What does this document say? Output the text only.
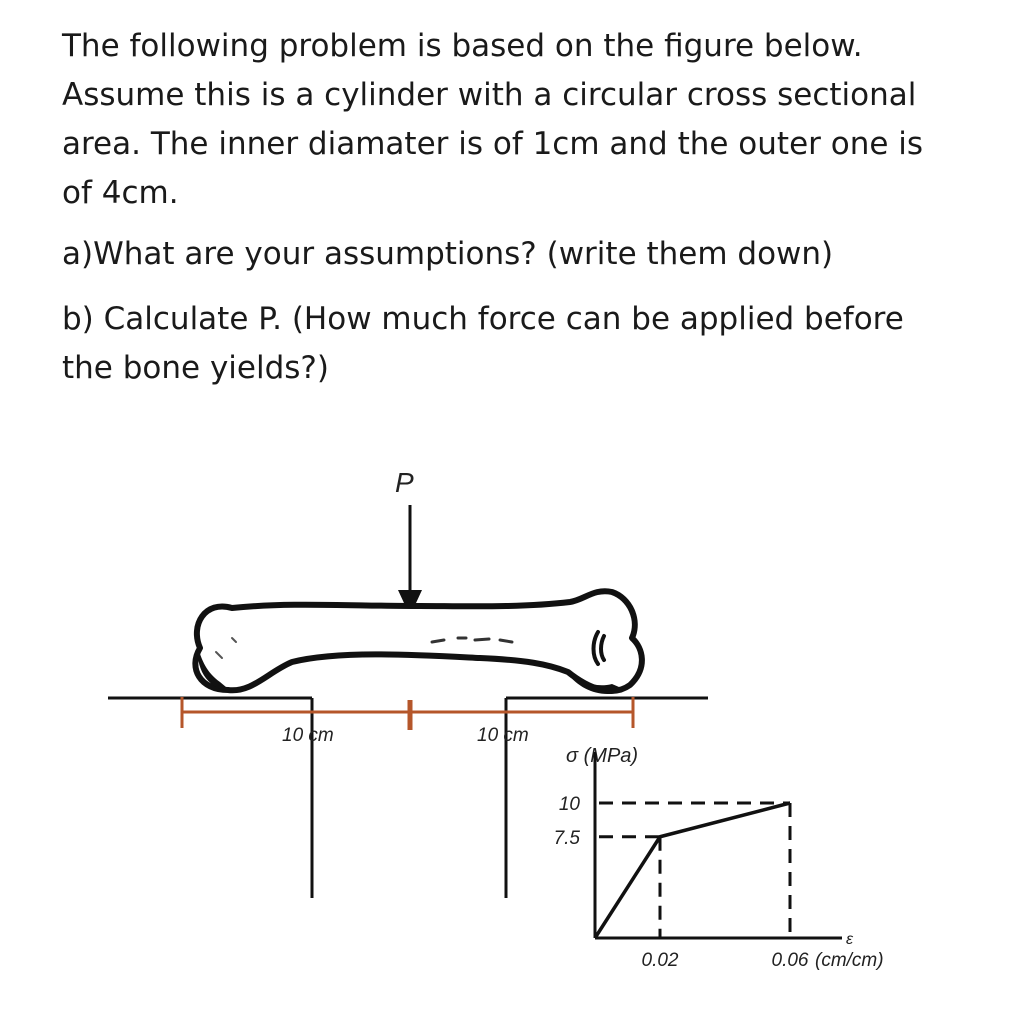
The following problem is based on the figure below. Assume this is a cylinder with a circular cross sectional area. The inner diamater is of 1cm and the outer one is of 4cm.

a)What are your assumptions? (write them down)

b) Calculate P. (How much force can be applied before the bone yields?)

P
10 cm	10 cm
σ (MPa)
10
7.5
0.02	0.06
ε
(cm/cm)
